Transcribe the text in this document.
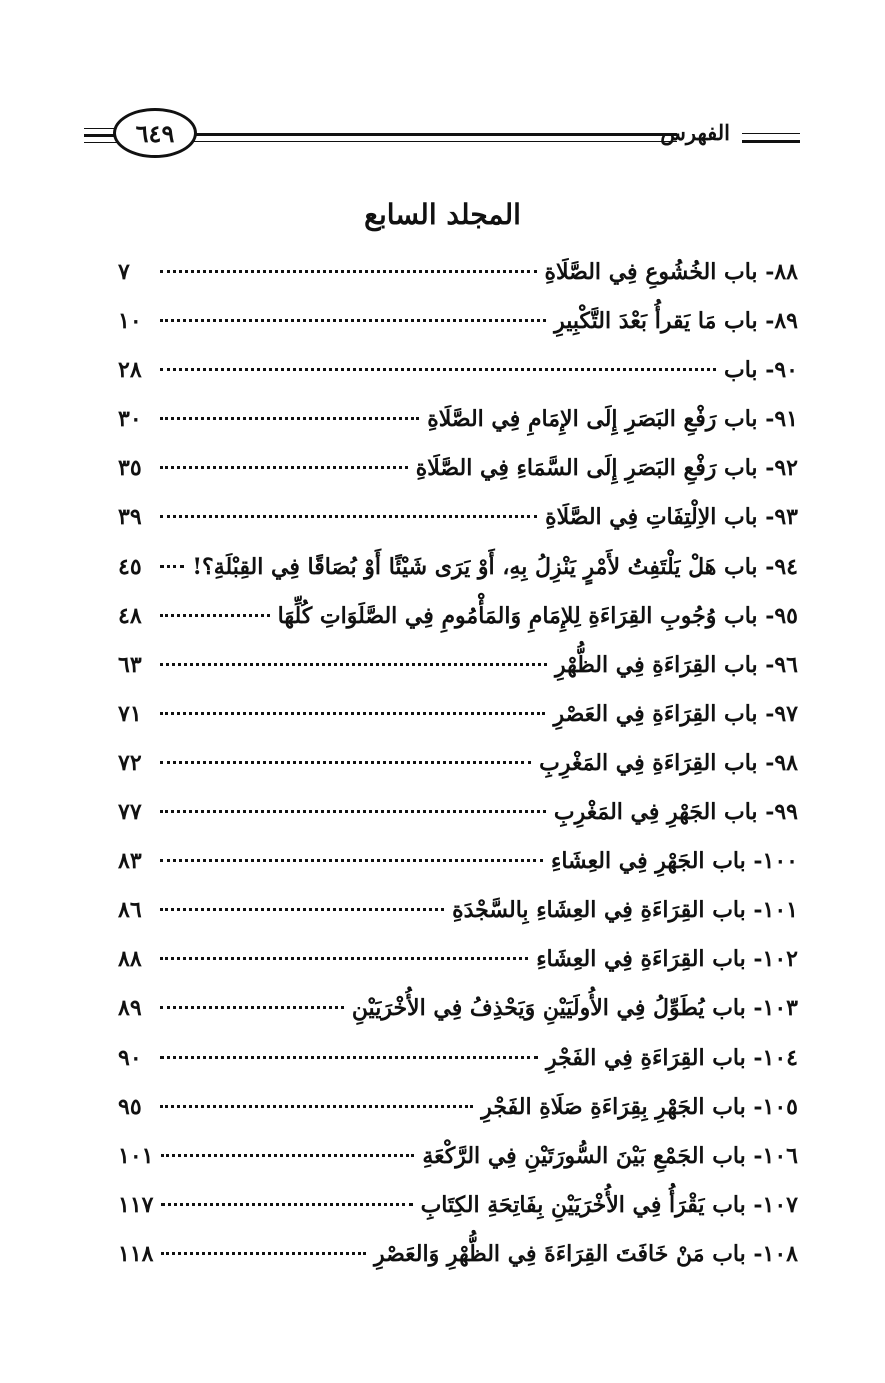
٦٤٩	الفهرس
المجلد السابع
٨٨- باب الخُشُوعِ فِي الصَّلَاةِ
٧
٨٩- باب مَا يَقرأُ بَعْدَ التَّكْبِيرِ
١٠
٩٠- باب
٢٨
٩١- باب رَفْعِ البَصَرِ إِلَى الإِمَامِ فِي الصَّلَاةِ
٣٠
٩٢- باب رَفْعِ البَصَرِ إِلَى السَّمَاءِ فِي الصَّلَاةِ
٣٥
٩٣- باب الاِلْتِفَاتِ فِي الصَّلَاةِ
٣٩
٩٤- باب هَلْ يَلْتَفِتُ لأَمْرٍ يَنْزِلُ بِهِ، أَوْ يَرَى شَيْئًا أَوْ بُصَاقًا فِي القِبْلَةِ؟!
٤٥
٩٥- باب وُجُوبِ القِرَاءَةِ لِلإِمَامِ وَالمَأْمُومِ فِي الصَّلَوَاتِ كُلِّهَا
٤٨
٩٦- باب القِرَاءَةِ فِي الظُّهْرِ
٦٣
٩٧- باب القِرَاءَةِ فِي العَصْرِ
٧١
٩٨- باب القِرَاءَةِ فِي المَغْرِبِ
٧٢
٩٩- باب الجَهْرِ فِي المَغْرِبِ
٧٧
١٠٠- باب الجَهْرِ فِي العِشَاءِ
٨٣
١٠١- باب القِرَاءَةِ فِي العِشَاءِ بِالسَّجْدَةِ
٨٦
١٠٢- باب القِرَاءَةِ فِي العِشَاءِ
٨٨
١٠٣- باب يُطَوِّلُ فِي الأُولَيَيْنِ وَيَحْذِفُ فِي الأُخْرَيَيْنِ
٨٩
١٠٤- باب القِرَاءَةِ فِي الفَجْرِ
٩٠
١٠٥- باب الجَهْرِ بِقِرَاءَةِ صَلَاةِ الفَجْرِ
٩٥
١٠٦- باب الجَمْعِ بَيْنَ السُّورَتَيْنِ فِي الرَّكْعَةِ
١٠١
١٠٧- باب يَقْرَأُ فِي الأُخْرَيَيْنِ بِفَاتِحَةِ الكِتَابِ
١١٧
١٠٨- باب مَنْ خَافَتَ القِرَاءَةَ فِي الظُّهْرِ وَالعَصْرِ
١١٨
